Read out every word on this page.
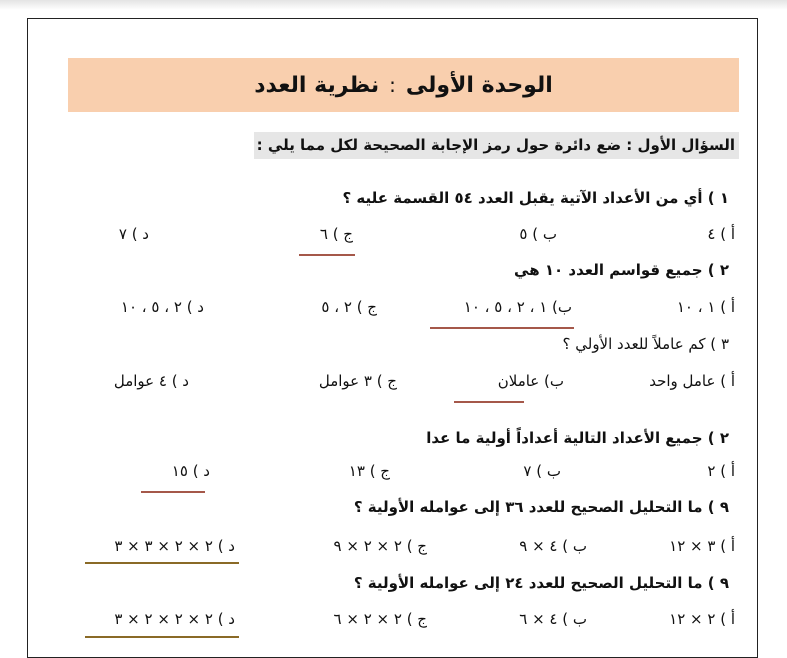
الوحدة الأولى
:
نظرية العدد
السؤال الأول : ضع دائرة حول رمز الإجابة الصحيحة لكل مما يلي :
١ ) أي من الأعداد الآتية يقبل العدد ٥٤ القسمة عليه ؟
أ ) ٤
ب ) ٥
ج ) ٦
د ) ٧
٢ ) جميع قواسم العدد ١٠ هي
أ ) ١ ، ١٠
ب) ١ ، ٢ ، ٥ ، ١٠
ج ) ٢ ، ٥
د ) ٢ ، ٥ ، ١٠
٣ ) كم عاملاً للعدد الأولي ؟
أ ) عامل واحد
ب) عاملان
ج ) ٣ عوامل
د ) ٤ عوامل
٢ ) جميع الأعداد التالية أعداداً أولية ما عدا
أ ) ٢
ب ) ٧
ج ) ١٣
د ) ١٥
٩ ) ما التحليل الصحيح للعدد ٣٦ إلى عوامله الأولية ؟
أ ) ٣ × ١٢
ب ) ٤ × ٩
ج ) ٢ × ٢ × ٩
د ) ٢ × ٢ × ٣ × ٣
٩ ) ما التحليل الصحيح للعدد ٢٤ إلى عوامله الأولية ؟
أ ) ٢ × ١٢
ب ) ٤ × ٦
ج ) ٢ × ٢ × ٦
د ) ٢ × ٢ × ٢ × ٣
